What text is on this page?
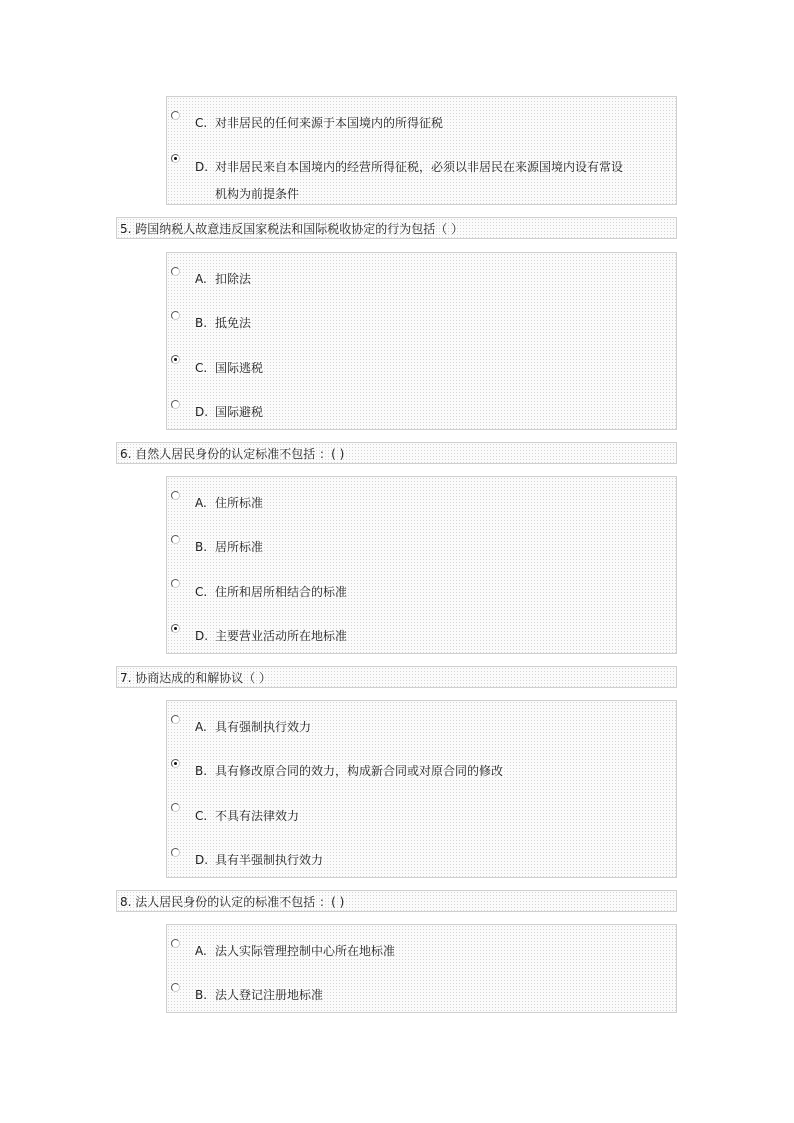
C. 对非居民的任何来源于本国境内的所得征税
D. 对非居民来自本国境内的经营所得征税，必须以非居民在来源国境内设有常设
机构为前提条件
5. 跨国纳税人故意违反国家税法和国际税收协定的行为包括（ ）
A. 扣除法
B. 抵免法
C. 国际逃税
D. 国际避税
6. 自然人居民身份的认定标准不包括 ：( )
A. 住所标准
B. 居所标准
C. 住所和居所相结合的标准
D. 主要营业活动所在地标准
7. 协商达成的和解协议（ ）
A. 具有强制执行效力
B. 具有修改原合同的效力，构成新合同或对原合同的修改
C. 不具有法律效力
D. 具有半强制执行效力
8. 法人居民身份的认定的标准不包括 ：( )
A. 法人实际管理控制中心所在地标准
B. 法人登记注册地标准
